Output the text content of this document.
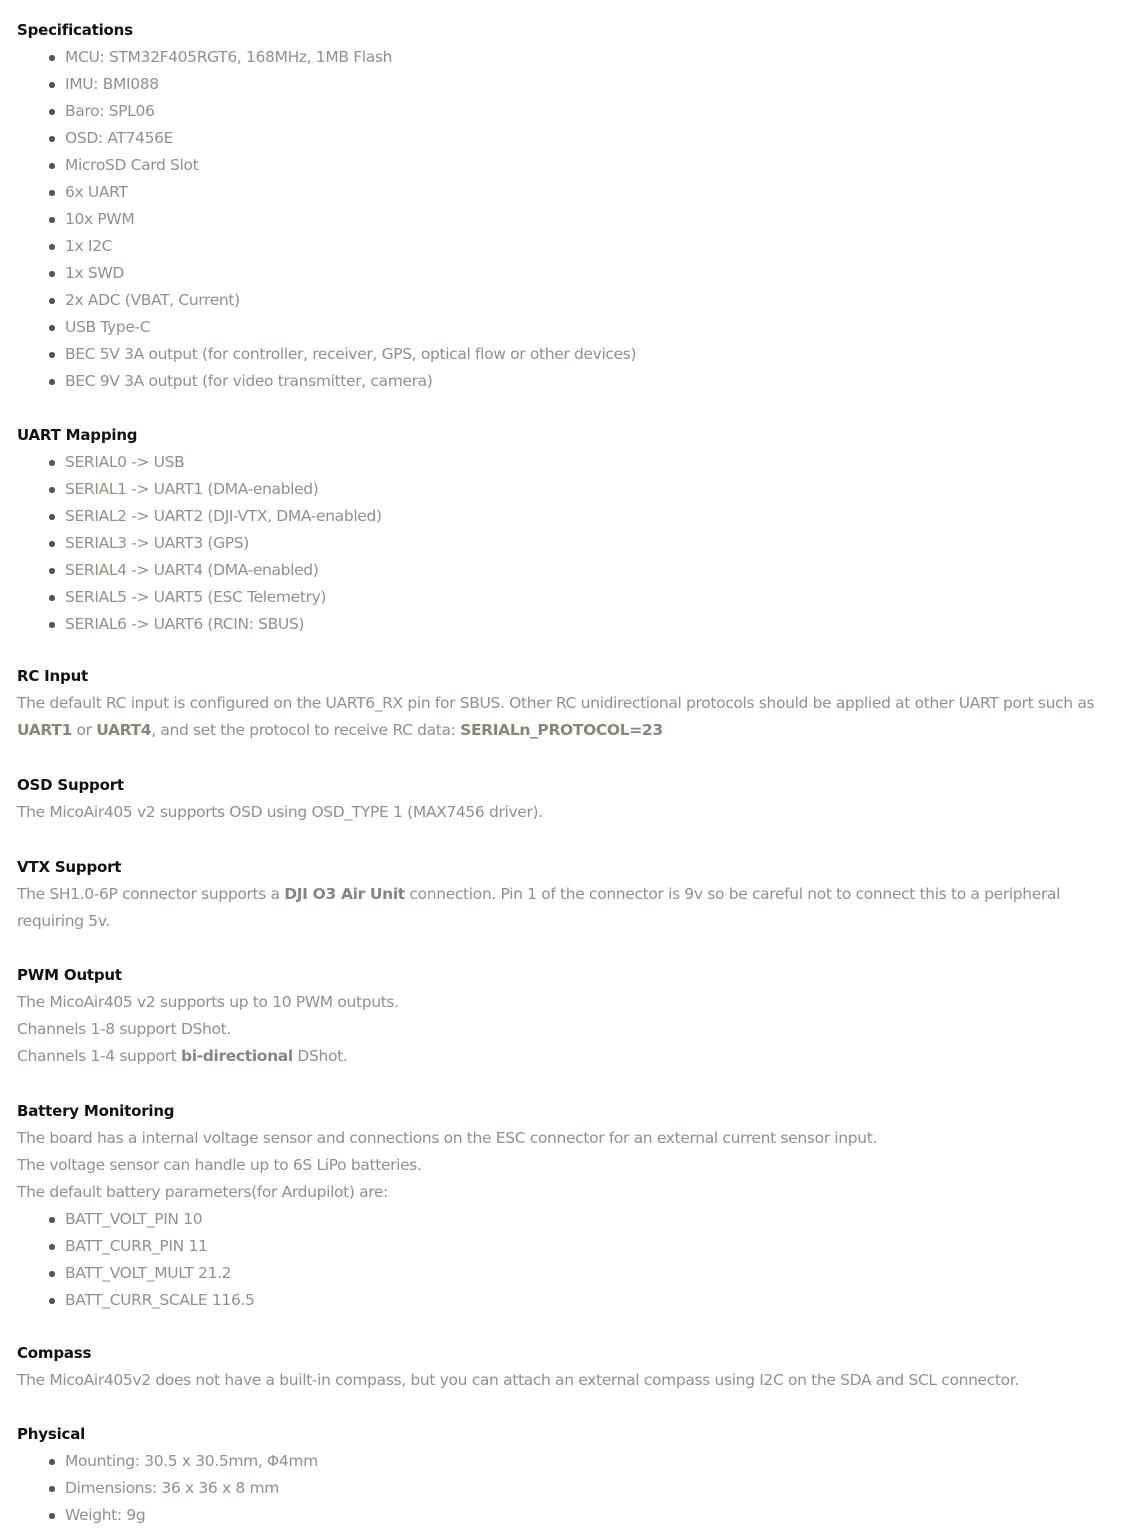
Specifications
MCU: STM32F405RGT6, 168MHz, 1MB Flash
IMU: BMI088
Baro: SPL06
OSD: AT7456E
MicroSD Card Slot
6x UART
10x PWM
1x I2C
1x SWD
2x ADC (VBAT, Current)
USB Type-C
BEC 5V 3A output (for controller, receiver, GPS, optical flow or other devices)
BEC 9V 3A output (for video transmitter, camera)
UART Mapping
SERIAL0 -> USB
SERIAL1 -> UART1 (DMA-enabled)
SERIAL2 -> UART2 (DJI-VTX, DMA-enabled)
SERIAL3 -> UART3 (GPS)
SERIAL4 -> UART4 (DMA-enabled)
SERIAL5 -> UART5 (ESC Telemetry)
SERIAL6 -> UART6 (RCIN: SBUS)
RC Input
The default RC input is configured on the UART6_RX pin for SBUS. Other RC unidirectional protocols should be applied at other UART port such as
UART1 or UART4, and set the protocol to receive RC data: SERIALn_PROTOCOL=23
OSD Support
The MicoAir405 v2 supports OSD using OSD_TYPE 1 (MAX7456 driver).
VTX Support
The SH1.0-6P connector supports a DJI O3 Air Unit connection. Pin 1 of the connector is 9v so be careful not to connect this to a peripheral
requiring 5v.
PWM Output
The MicoAir405 v2 supports up to 10 PWM outputs.
Channels 1-8 support DShot.
Channels 1-4 support bi-directional DShot.
Battery Monitoring
The board has a internal voltage sensor and connections on the ESC connector for an external current sensor input.
The voltage sensor can handle up to 6S LiPo batteries.
The default battery parameters(for Ardupilot) are:
BATT_VOLT_PIN 10
BATT_CURR_PIN 11
BATT_VOLT_MULT 21.2
BATT_CURR_SCALE 116.5
Compass
The MicoAir405v2 does not have a built-in compass, but you can attach an external compass using I2C on the SDA and SCL connector.
Physical
Mounting: 30.5 x 30.5mm, Φ4mm
Dimensions: 36 x 36 x 8 mm
Weight: 9g
